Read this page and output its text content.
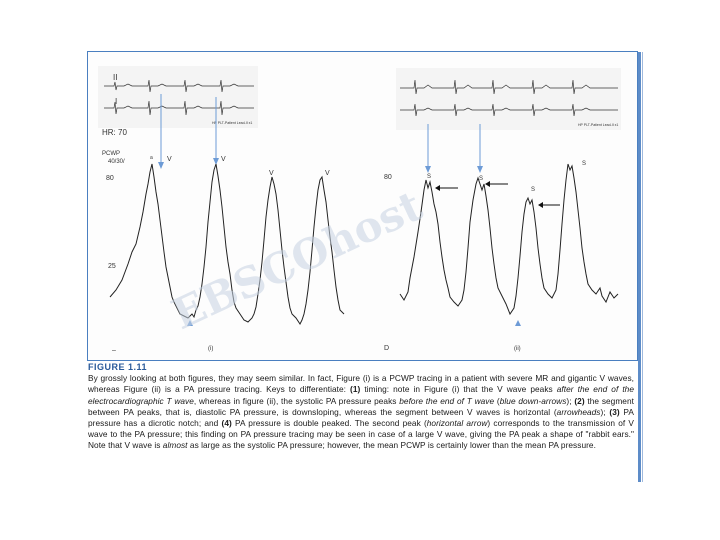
II
I
HP PLT-Patient Lead-II x1
HR: 70
PCWP
40/30/
80
25
a V	V
V	V
–	(i)
HP PLT-Patient Lead-II x1
80	S	S
S
S
D	(ii)
EBSCOhost
FIGURE 1.11

By grossly looking at both figures, they may seem similar. In fact, Figure (i) is a PCWP tracing in a patient with severe MR and gigantic V waves, whereas Figure (ii) is a PA pressure tracing. Keys to differentiate: (1) timing: note in Figure (i) that the V wave peaks after the end of the electrocardiographic T wave, whereas in figure (ii), the systolic PA pressure peaks before the end of T wave (blue down-arrows); (2) the segment between PA peaks, that is, diastolic PA pressure, is downsloping, whereas the segment between V waves is horizontal (arrowheads); (3) PA pressure has a dicrotic notch; and (4) PA pressure is double peaked. The second peak (horizontal arrow) corresponds to the transmission of V wave to the PA pressure; this finding on PA pressure tracing may be seen in case of a large V wave, giving the PA peak a shape of "rabbit ears." Note that V wave is almost as large as the systolic PA pressure; however, the mean PCWP is certainly lower than the mean PA pressure.
